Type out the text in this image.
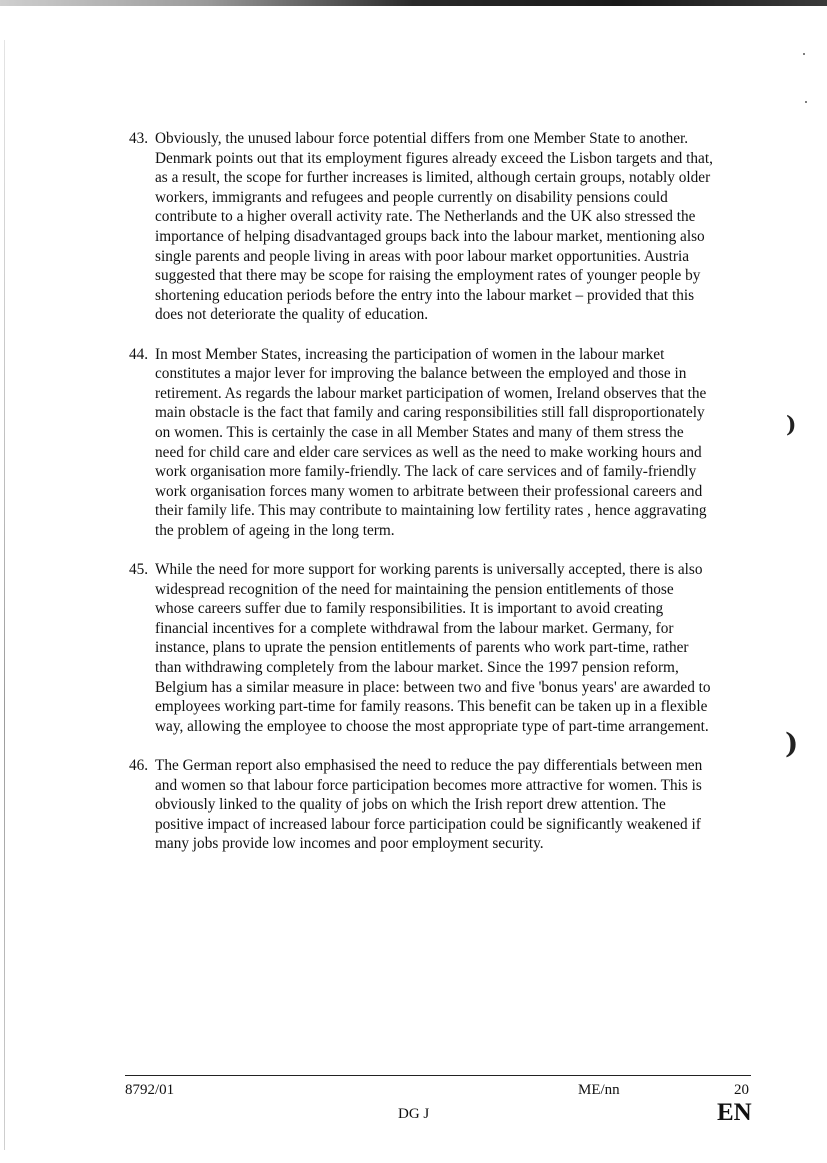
43. Obviously, the unused labour force potential differs from one Member State to another. Denmark points out that its employment figures already exceed the Lisbon targets and that, as a result, the scope for further increases is limited, although certain groups, notably older workers, immigrants and refugees and people currently on disability pensions could contribute to a higher overall activity rate. The Netherlands and the UK also stressed the importance of helping disadvantaged groups back into the labour market, mentioning also single parents and people living in areas with poor labour market opportunities. Austria suggested that there may be scope for raising the employment rates of younger people by shortening education periods before the entry into the labour market – provided that this does not deteriorate the quality of education.
44. In most Member States, increasing the participation of women in the labour market constitutes a major lever for improving the balance between the employed and those in retirement. As regards the labour market participation of women, Ireland observes that the main obstacle is the fact that family and caring responsibilities still fall disproportionately on women. This is certainly the case in all Member States and many of them stress the need for child care and elder care services as well as the need to make working hours and work organisation more family-friendly. The lack of care services and of family-friendly work organisation forces many women to arbitrate between their professional careers and their family life. This may contribute to maintaining low fertility rates , hence aggravating the problem of ageing in the long term.
45. While the need for more support for working parents is universally accepted, there is also widespread recognition of the need for maintaining the pension entitlements of those whose careers suffer due to family responsibilities. It is important to avoid creating financial incentives for a complete withdrawal from the labour market. Germany, for instance, plans to uprate the pension entitlements of parents who work part-time, rather than withdrawing completely from the labour market. Since the 1997 pension reform, Belgium has a similar measure in place: between two and five 'bonus years' are awarded to employees working part-time for family reasons. This benefit can be taken up in a flexible way, allowing the employee to choose the most appropriate type of part-time arrangement.
46. The German report also emphasised the need to reduce the pay differentials between men and women so that labour force participation becomes more attractive for women. This is obviously linked to the quality of jobs on which the Irish report drew attention. The positive impact of increased labour force participation could be significantly weakened if many jobs provide low incomes and poor employment security.
)
)
8792/01	ME/nn	20
DG J	EN
